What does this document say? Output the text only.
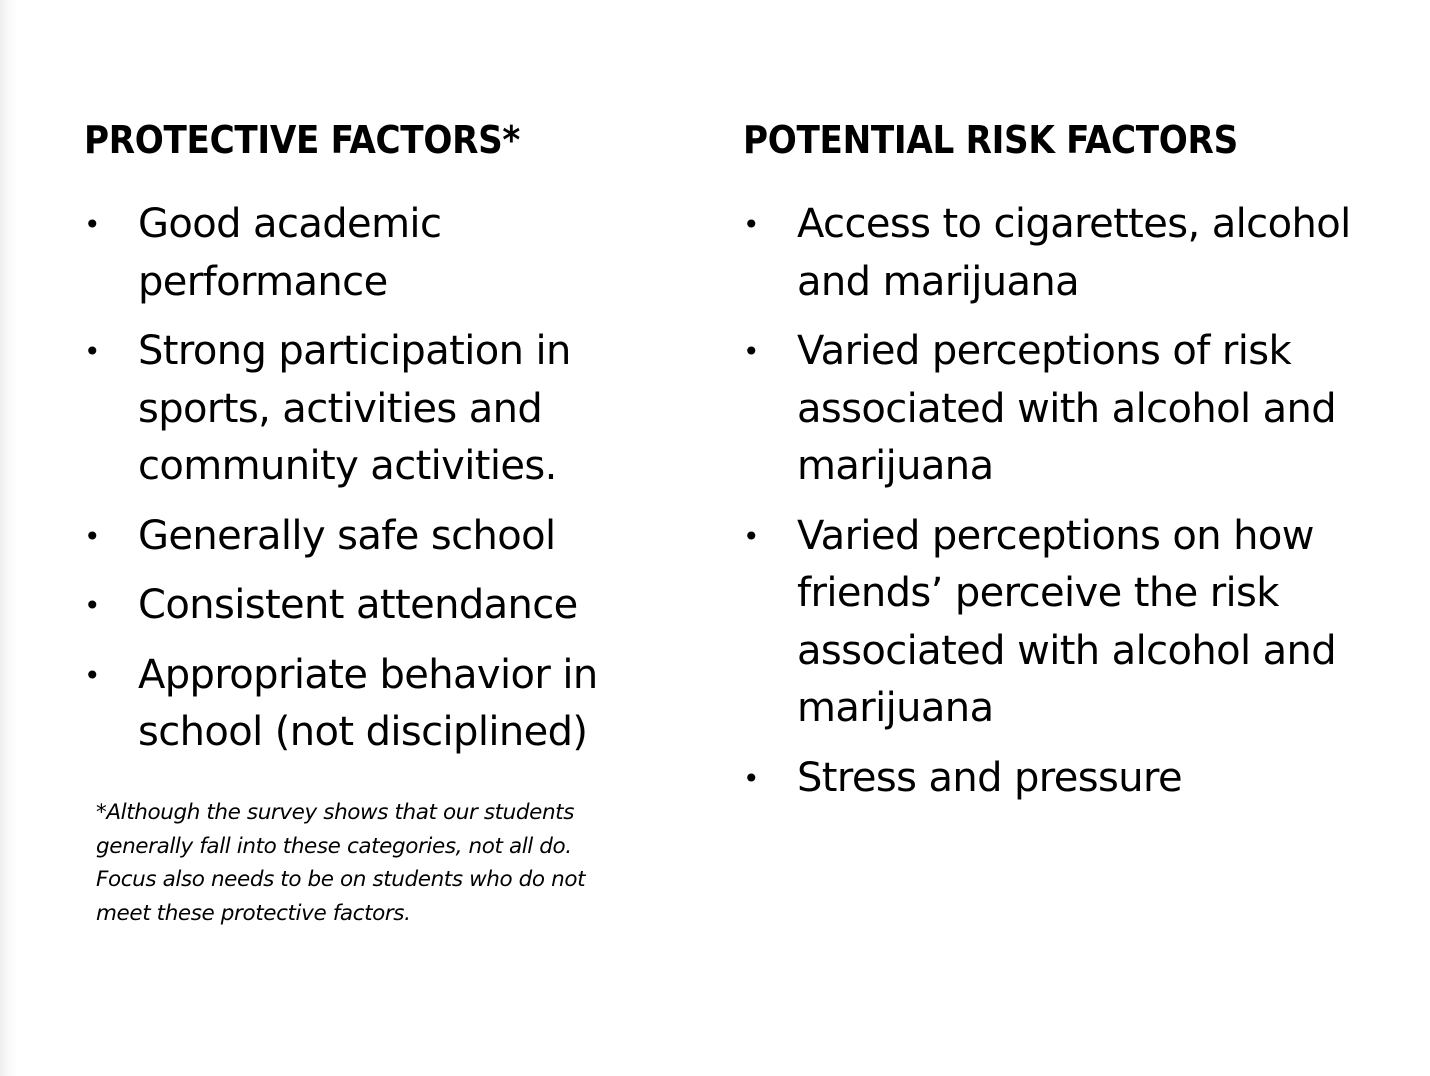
PROTECTIVE FACTORS*
• Good academic performance
• Strong participation in sports, activities and community activities.
• Generally safe school
• Consistent attendance
• Appropriate behavior in school (not disciplined)
*Although the survey shows that our students generally fall into these categories, not all do. Focus also needs to be on students who do not meet these protective factors.
POTENTIAL RISK FACTORS
• Access to cigarettes, alcohol and marijuana
• Varied perceptions of risk associated with alcohol and marijuana
• Varied perceptions on how friends’ perceive the risk associated with alcohol and marijuana
• Stress and pressure
